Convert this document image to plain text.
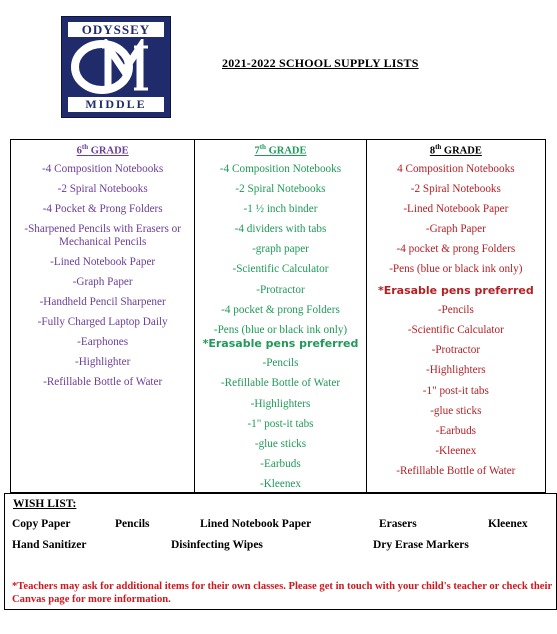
ODYSSEY
MIDDLE
2021-2022 SCHOOL SUPPLY LISTS
6th GRADE
-4 Composition Notebooks
-2 Spiral Notebooks
-4 Pocket & Prong Folders
-Sharpened Pencils with Erasers or Mechanical Pencils
-Lined Notebook Paper
-Graph Paper
-Handheld Pencil Sharpener
-Fully Charged Laptop Daily
-Earphones
-Highlighter
-Refillable Bottle of Water
7th GRADE
-4 Composition Notebooks
-2 Spiral Notebooks
-1 ½ inch binder
-4 dividers with tabs
-graph paper
-Scientific Calculator
-Protractor
-4 pocket & prong Folders
-Pens (blue or black ink only)
*Erasable pens preferred
-Pencils
-Refillable Bottle of Water
-Highlighters
-1" post-it tabs
-glue sticks
-Earbuds
-Kleenex
8th GRADE
4 Composition Notebooks
-2 Spiral Notebooks
-Lined Notebook Paper
-Graph Paper
-4 pocket & prong Folders
-Pens (blue or black ink only)
*Erasable pens preferred
-Pencils
-Scientific Calculator
-Protractor
-Highlighters
-1" post-it tabs
-glue sticks
-Earbuds
-Kleenex
-Refillable Bottle of Water
WISH LIST:
Copy Paper	Pencils	Lined Notebook Paper	Erasers	Kleenex
Hand Sanitizer	Disinfecting Wipes	Dry Erase Markers
*Teachers may ask for additional items for their own classes. Please get in touch with your child's teacher or check their Canvas page for more information.
